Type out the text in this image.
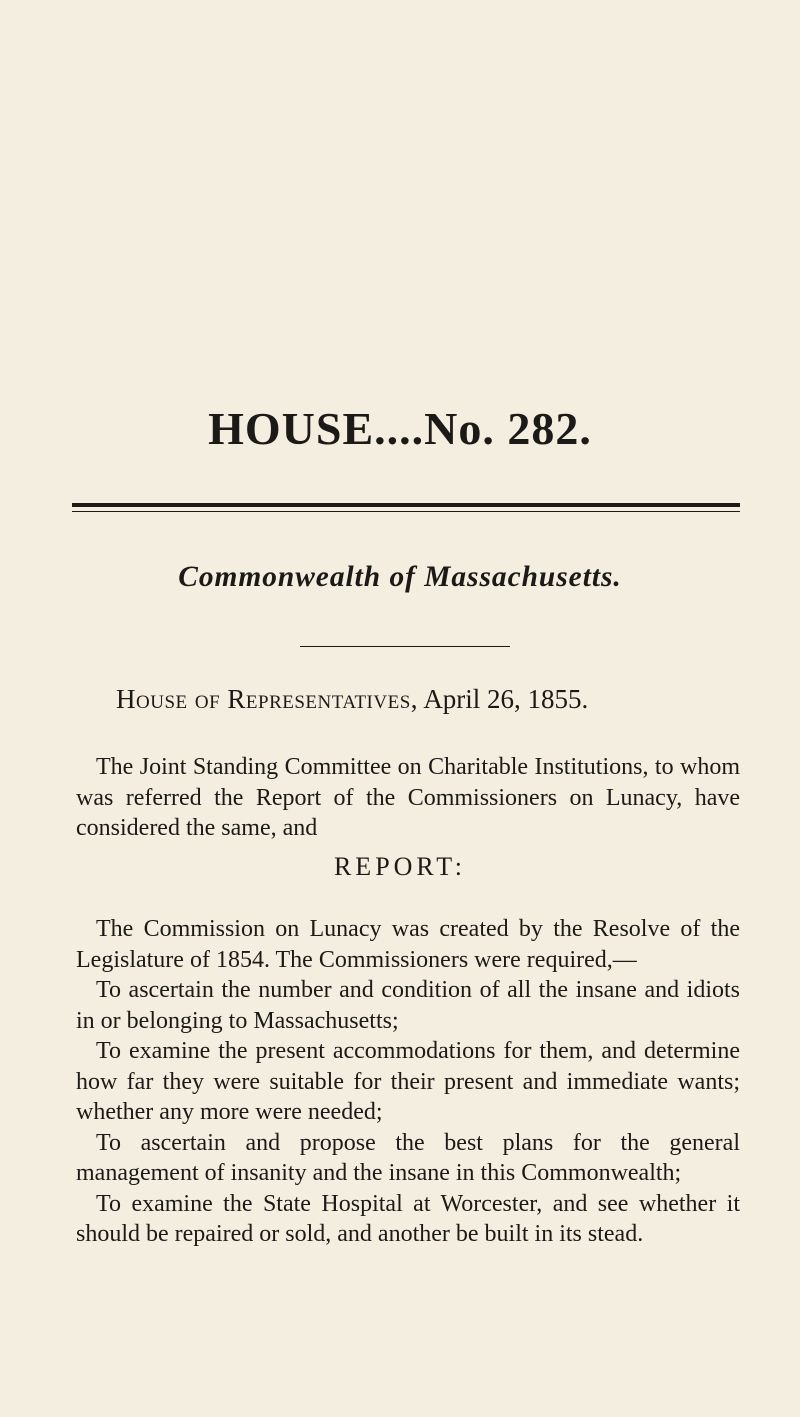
HOUSE....No. 282.
Commonwealth of Massachusetts.
House of Representatives, April 26, 1855.
The Joint Standing Committee on Charitable Institutions, to whom was referred the Report of the Commissioners on Lunacy, have considered the same, and
REPORT:
The Commission on Lunacy was created by the Resolve of the Legislature of 1854. The Commissioners were required,—
To ascertain the number and condition of all the insane and idiots in or belonging to Massachusetts;
To examine the present accommodations for them, and determine how far they were suitable for their present and immediate wants; whether any more were needed;
To ascertain and propose the best plans for the general management of insanity and the insane in this Commonwealth;
To examine the State Hospital at Worcester, and see whether it should be repaired or sold, and another be built in its stead.
